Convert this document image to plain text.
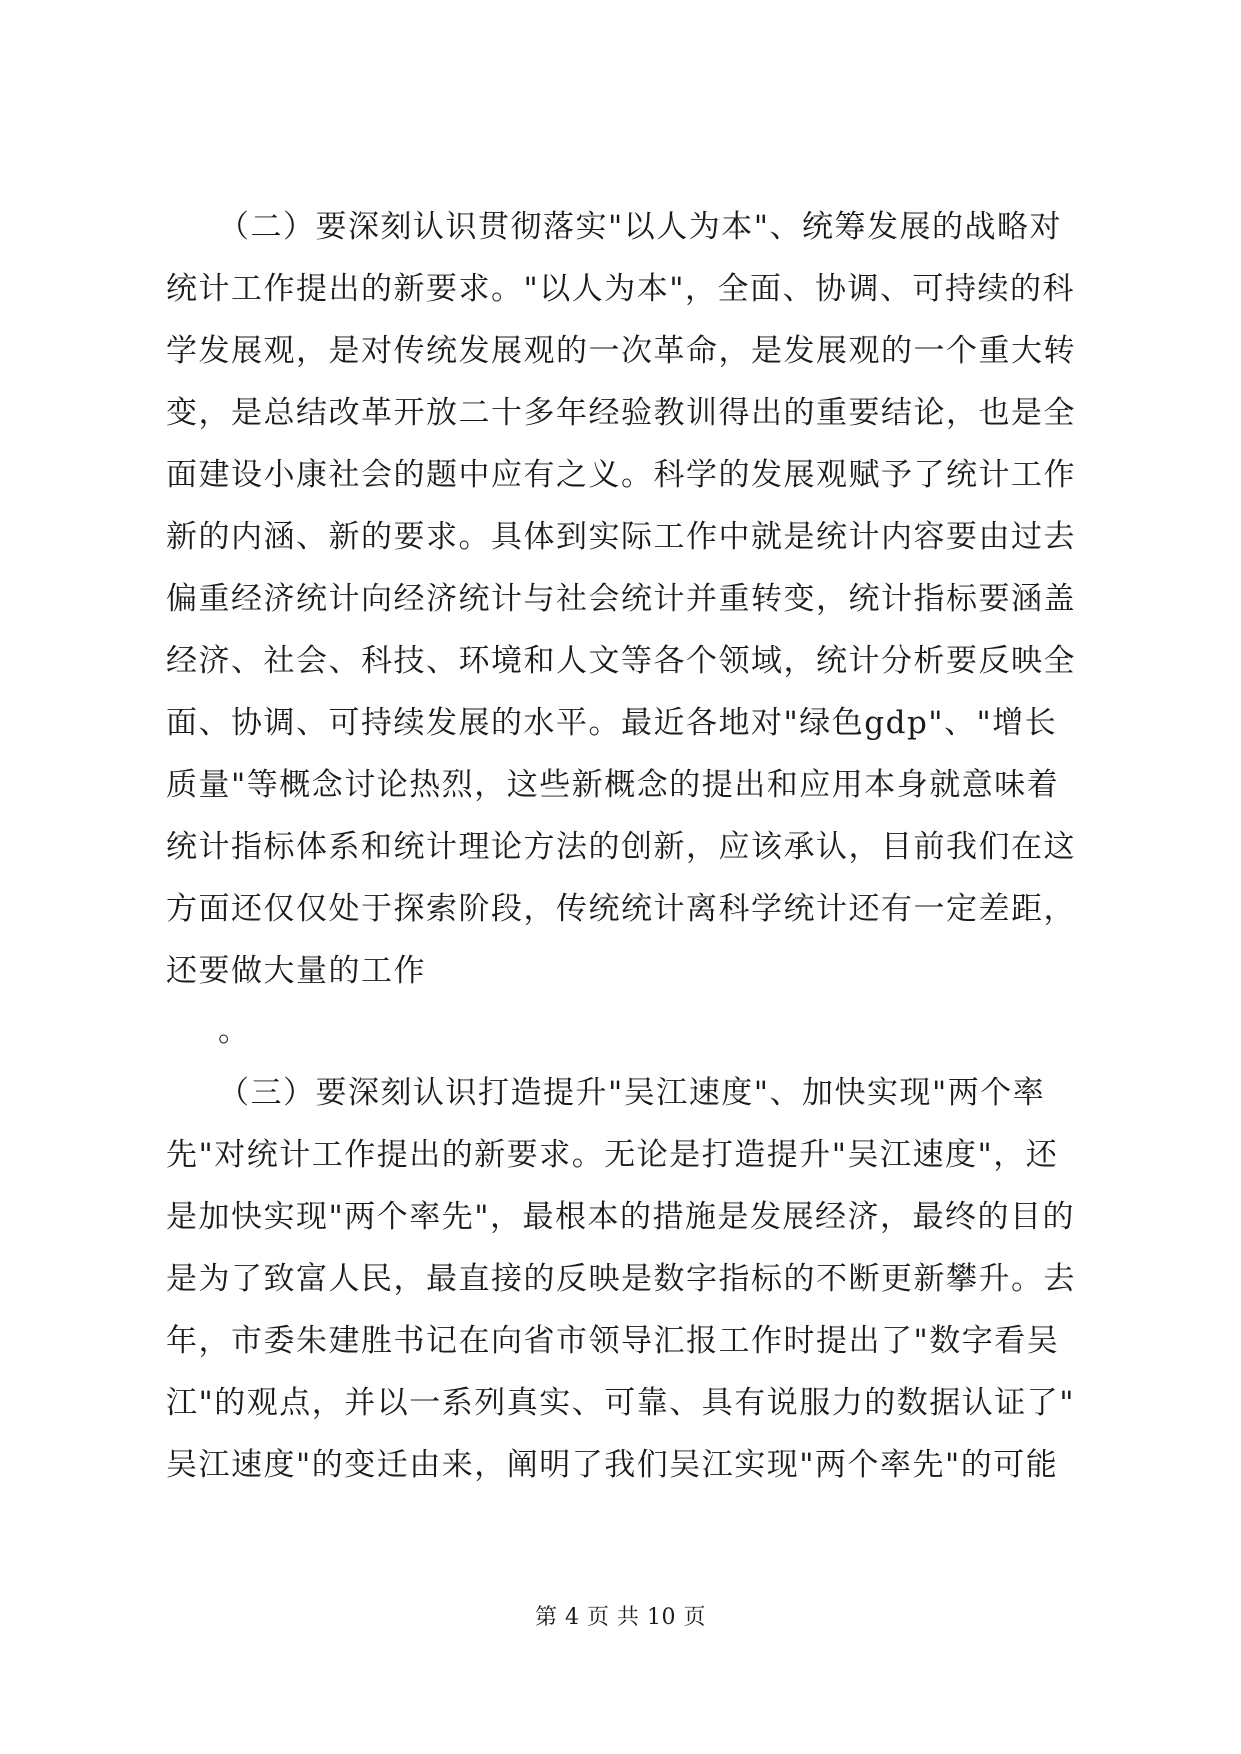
（二）要深刻认识贯彻落实"以人为本"、统筹发展的战略对
统计工作提出的新要求。"以人为本"，全面、协调、可持续的科
学发展观，是对传统发展观的一次革命，是发展观的一个重大转
变，是总结改革开放二十多年经验教训得出的重要结论，也是全
面建设小康社会的题中应有之义。科学的发展观赋予了统计工作
新的内涵、新的要求。具体到实际工作中就是统计内容要由过去
偏重经济统计向经济统计与社会统计并重转变，统计指标要涵盖
经济、社会、科技、环境和人文等各个领域，统计分析要反映全
面、协调、可持续发展的水平。最近各地对"绿色gdp"、"增长
质量"等概念讨论热烈，这些新概念的提出和应用本身就意味着
统计指标体系和统计理论方法的创新，应该承认，目前我们在这
方面还仅仅处于探索阶段，传统统计离科学统计还有一定差距，
还要做大量的工作
。
（三）要深刻认识打造提升"吴江速度"、加快实现"两个率
先"对统计工作提出的新要求。无论是打造提升"吴江速度"，还
是加快实现"两个率先"，最根本的措施是发展经济，最终的目的
是为了致富人民，最直接的反映是数字指标的不断更新攀升。去
年，市委朱建胜书记在向省市领导汇报工作时提出了"数字看吴
江"的观点，并以一系列真实、可靠、具有说服力的数据认证了"
吴江速度"的变迁由来，阐明了我们吴江实现"两个率先"的可能
第 4 页 共 10 页
